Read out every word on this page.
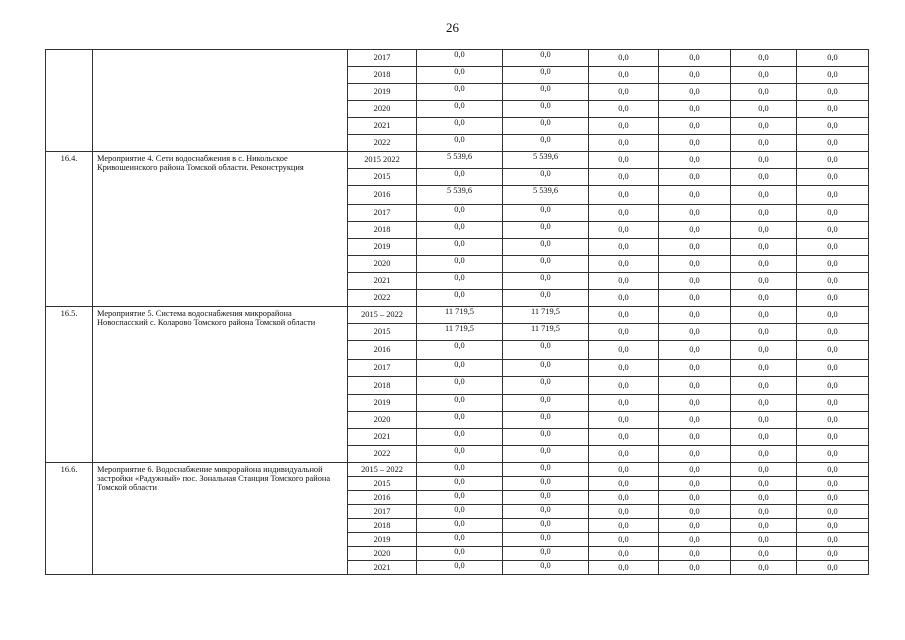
26
		2017	0,0	0,0	0,0	0,0	0,0	0,0	
		2018	0,0	0,0	0,0	0,0	0,0	0,0	
		2019	0,0	0,0	0,0	0,0	0,0	0,0	
		2020	0,0	0,0	0,0	0,0	0,0	0,0	
		2021	0,0	0,0	0,0	0,0	0,0	0,0	
		2022	0,0	0,0	0,0	0,0	0,0	0,0	
16.4.	Мероприятие 4. Сети водоснабжения в с. Никольское Кривошеинского района Томской области. Реконструкция	2015 2022	5 539,6	5 539,6	0,0	0,0	0,0	0,0	
		2015	0,0	0,0	0,0	0,0	0,0	0,0	
		2016	5 539,6	5 539,6	0,0	0,0	0,0	0,0	
		2017	0,0	0,0	0,0	0,0	0,0	0,0	
		2018	0,0	0,0	0,0	0,0	0,0	0,0	
		2019	0,0	0,0	0,0	0,0	0,0	0,0	
		2020	0,0	0,0	0,0	0,0	0,0	0,0	
		2021	0,0	0,0	0,0	0,0	0,0	0,0	
		2022	0,0	0,0	0,0	0,0	0,0	0,0	
16.5.	Мероприятие 5. Система водоснабжения микрорайона Новоспасский с. Коларово Томского района Томской области	2015 – 2022	11 719,5	11 719,5	0,0	0,0	0,0	0,0	
		2015	11 719,5	11 719,5	0,0	0,0	0,0	0,0	
		2016	0,0	0,0	0,0	0,0	0,0	0,0	
		2017	0,0	0,0	0,0	0,0	0,0	0,0	
		2018	0,0	0,0	0,0	0,0	0,0	0,0	
		2019	0,0	0,0	0,0	0,0	0,0	0,0	
		2020	0,0	0,0	0,0	0,0	0,0	0,0	
		2021	0,0	0,0	0,0	0,0	0,0	0,0	
		2022	0,0	0,0	0,0	0,0	0,0	0,0	
16.6.	Мероприятие 6. Водоснабжение микрорайона индивидуальной застройки «Радужный» пос. Зональная Станция Томского района Томской области	2015 – 2022	0,0	0,0	0,0	0,0	0,0	0,0	
		2015	0,0	0,0	0,0	0,0	0,0	0,0	
		2016	0,0	0,0	0,0	0,0	0,0	0,0	
		2017	0,0	0,0	0,0	0,0	0,0	0,0	
		2018	0,0	0,0	0,0	0,0	0,0	0,0	
		2019	0,0	0,0	0,0	0,0	0,0	0,0	
		2020	0,0	0,0	0,0	0,0	0,0	0,0	
		2021	0,0	0,0	0,0	0,0	0,0	0,0	
